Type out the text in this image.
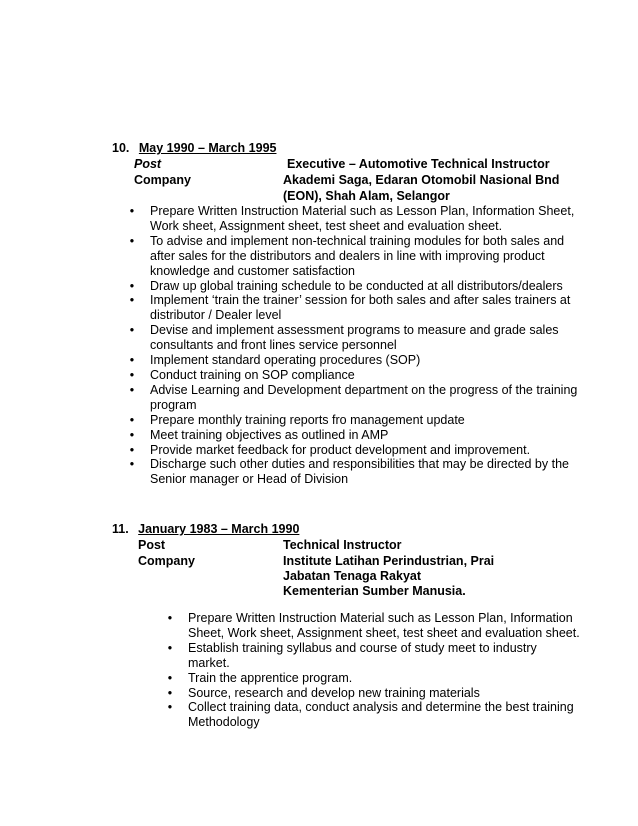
10. May 1990 – March 1995
Post	Executive – Automotive Technical Instructor
Company	Akademi Saga, Edaran Otomobil Nasional Bnd
(EON), Shah Alam, Selangor
• Prepare Written Instruction Material such as Lesson Plan, Information Sheet,
Work sheet, Assignment sheet, test sheet and evaluation sheet.
• To advise and implement non-technical training modules for both sales and
after sales for the distributors and dealers in line with improving product
knowledge and customer satisfaction
• Draw up global training schedule to be conducted at all distributors/dealers
• Implement ‘train the trainer’ session for both sales and after sales trainers at
distributor / Dealer level
• Devise and implement assessment programs to measure and grade sales
consultants and front lines service personnel
• Implement standard operating procedures (SOP)
• Conduct training on SOP compliance
• Advise Learning and Development department on the progress of the training
program
• Prepare monthly training reports fro management update
• Meet training objectives as outlined in AMP
• Provide market feedback for product development and improvement.
• Discharge such other duties and responsibilities that may be directed by the
Senior manager or Head of Division
11. January 1983 – March 1990
Post	Technical Instructor
Company	Institute Latihan Perindustrian, Prai
Jabatan Tenaga Rakyat
Kementerian Sumber Manusia.
• Prepare Written Instruction Material such as Lesson Plan, Information
Sheet, Work sheet, Assignment sheet, test sheet and evaluation sheet.
• Establish training syllabus and course of study meet to industry
market.
• Train the apprentice program.
• Source, research and develop new training materials
• Collect training data, conduct analysis and determine the best training
Methodology
